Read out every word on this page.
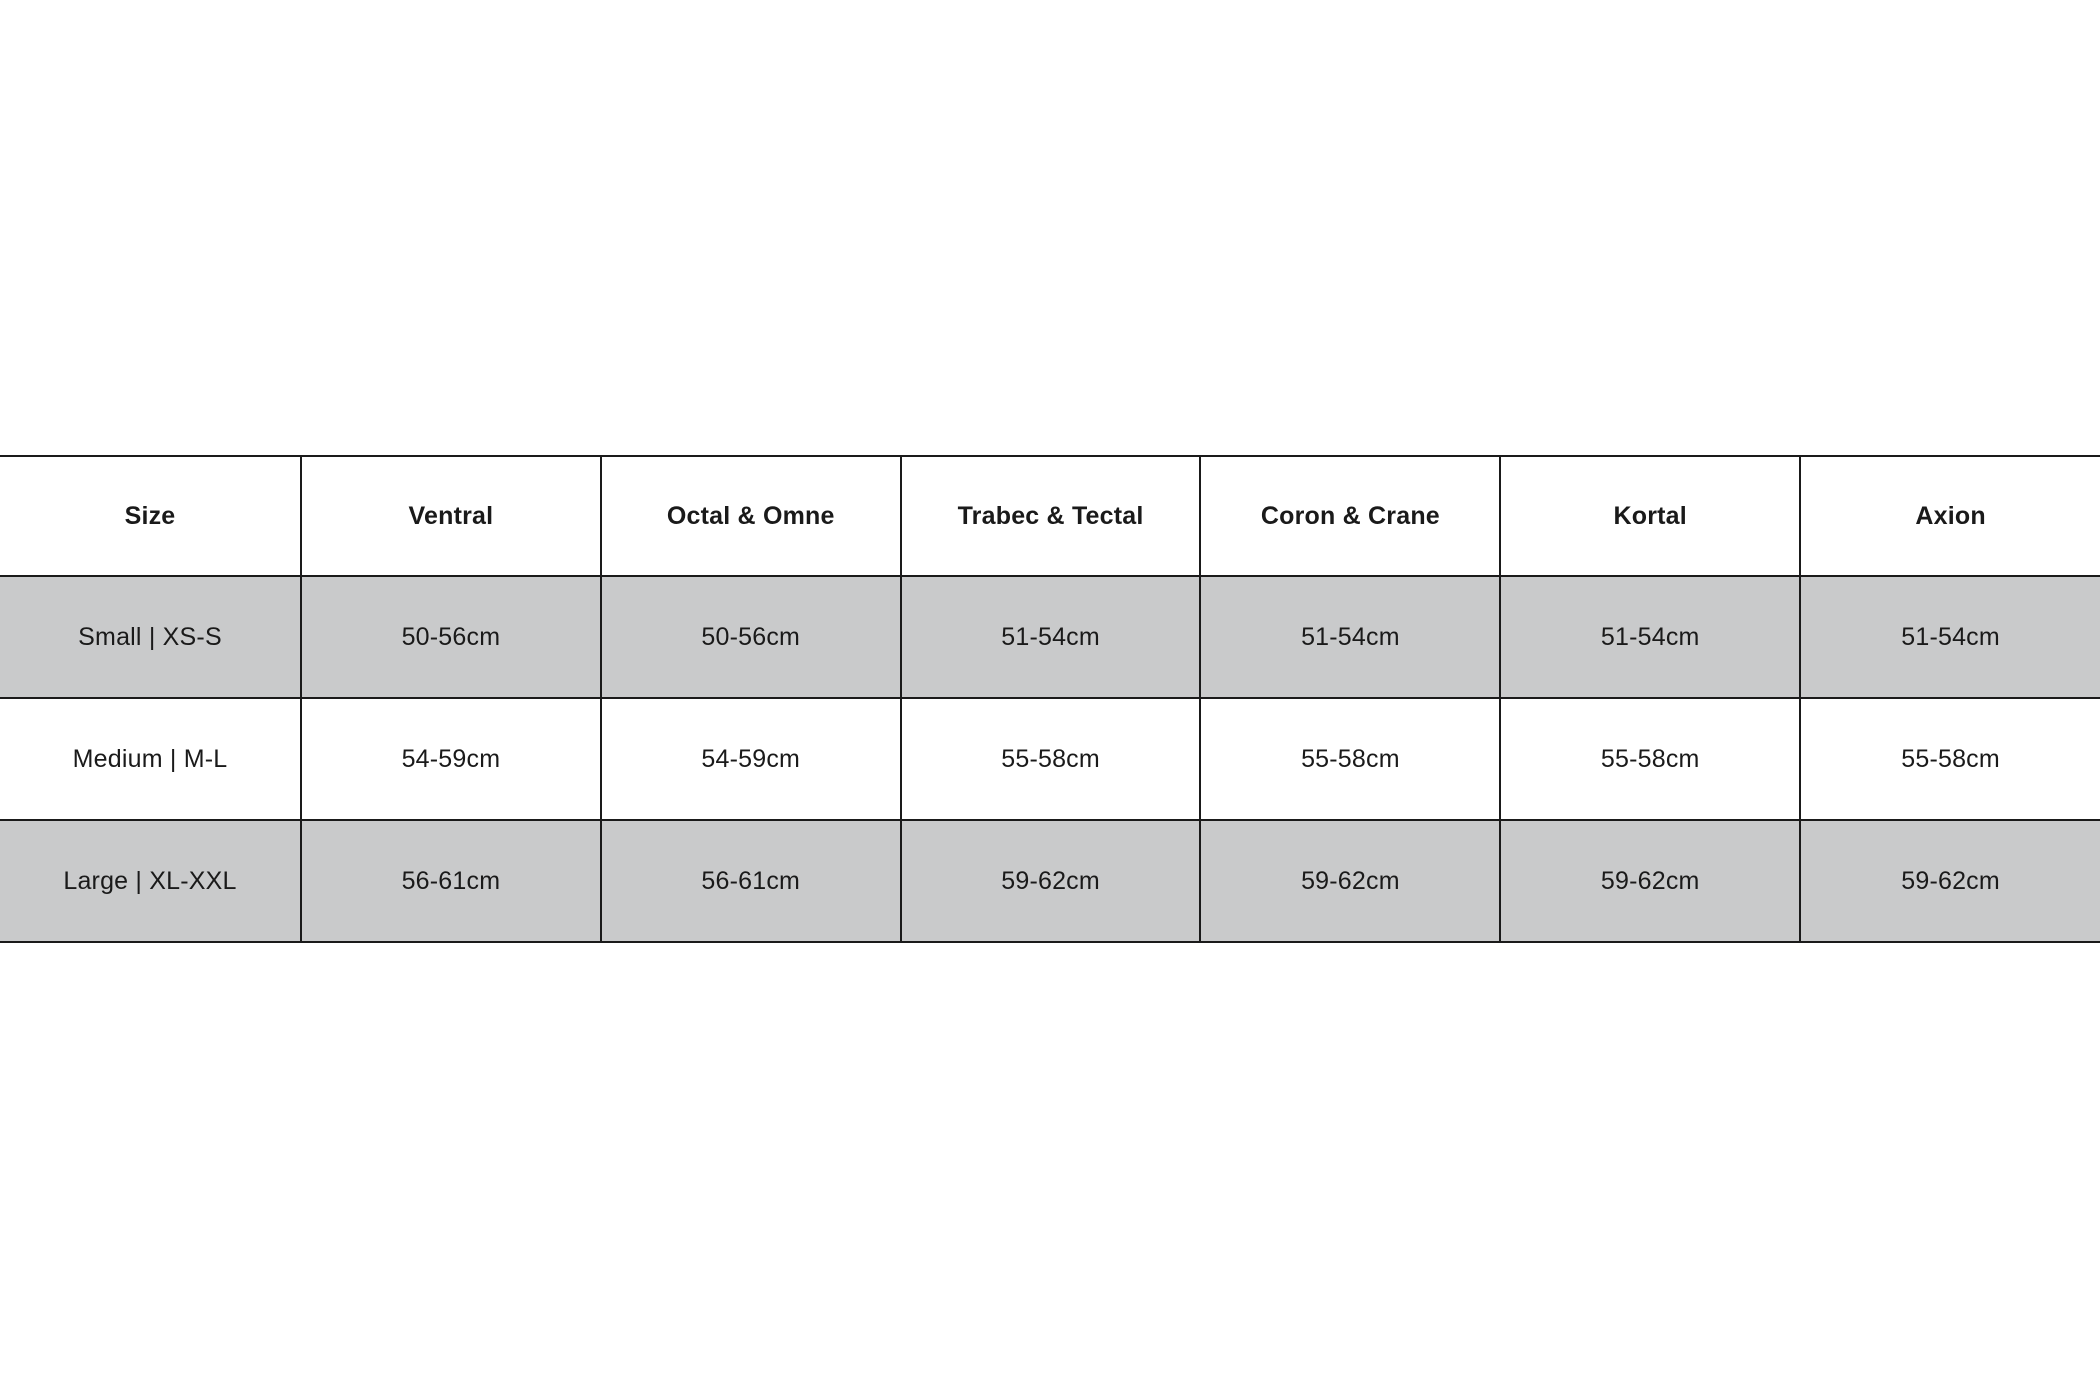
Size	Ventral	Octal & Omne	Trabec & Tectal	Coron & Crane	Kortal	Axion
Small | XS-S	50-56cm	50-56cm	51-54cm	51-54cm	51-54cm	51-54cm
Medium | M-L	54-59cm	54-59cm	55-58cm	55-58cm	55-58cm	55-58cm
Large | XL-XXL	56-61cm	56-61cm	59-62cm	59-62cm	59-62cm	59-62cm
